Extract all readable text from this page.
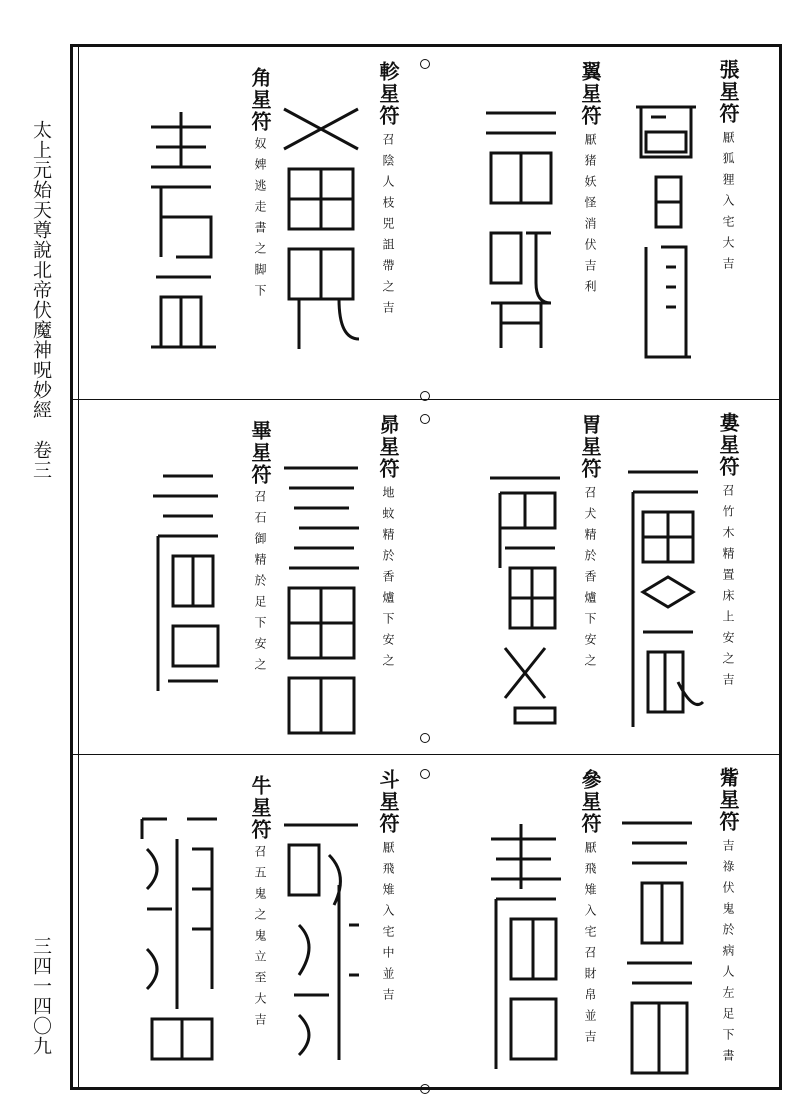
太上元始天尊說北帝伏魔神呪妙經　卷三
三四一四〇九
張星符
厭狐狸入宅大吉
翼星符
厭猪妖怪消伏吉利
軫星符
召陰人枝兕詛帶之吉
角星符
奴婢逃走書之脚下
婁星符
召竹木精置床上安之吉
胃星符
召犬精於香爐下安之
昴星符
地蚊精於香爐下安之
畢星符
召石御精於足下安之
觜星符
吉祿伏鬼於病人左足下書
參星符
厭飛雉入宅召財帛並吉
斗星符
厭飛雉入宅中並吉
牛星符
召五鬼之鬼立至大吉
